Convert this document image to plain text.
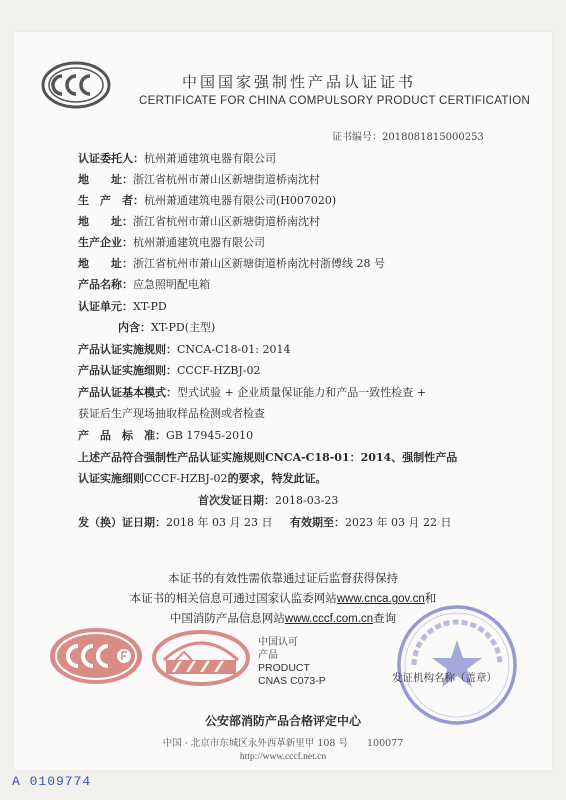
中国国家强制性产品认证证书
CERTIFICATE FOR CHINA COMPULSORY PRODUCT CERTIFICATION
证书编号：2018081815000253
认证委托人：杭州萧通建筑电器有限公司
地　　址：浙江省杭州市萧山区新塘街道桥南沈村
生　产　者：杭州萧通建筑电器有限公司(H007020)
地　　址：浙江省杭州市萧山区新塘街道桥南沈村
生产企业：杭州萧通建筑电器有限公司
地　　址：浙江省杭州市萧山区新塘街道桥南沈村浙傅线 28 号
产品名称：应急照明配电箱
认证单元：XT-PD
内含：XT-PD(主型)
产品认证实施规则：CNCA-C18-01: 2014
产品认证实施细则：CCCF-HZBJ-02
产品认证基本模式：型式试验 + 企业质量保证能力和产品一致性检查 +
获证后生产现场抽取样品检测或者检查
产　品　标　准：GB 17945-2010
上述产品符合强制性产品认证实施规则CNCA-C18-01：2014、强制性产品
认证实施细则CCCF-HZBJ-02的要求，特发此证。
首次发证日期：2018-03-23
发（换）证日期：2018 年 03 月 23 日 有效期至：2023 年 03 月 22 日
本证书的有效性需依靠通过证后监督获得保持
本证书的相关信息可通过国家认监委网站www.cnca.gov.cn和
中国消防产品信息网站www.cccf.com.cn查询
中国认可
产品
PRODUCT
CNAS C073-P	发证机构名称（盖章）
公安部消防产品合格评定中心
中国 · 北京市东城区永外西革新里甲 108 号　　100077
http://www.cccf.net.cn
A 0109774
